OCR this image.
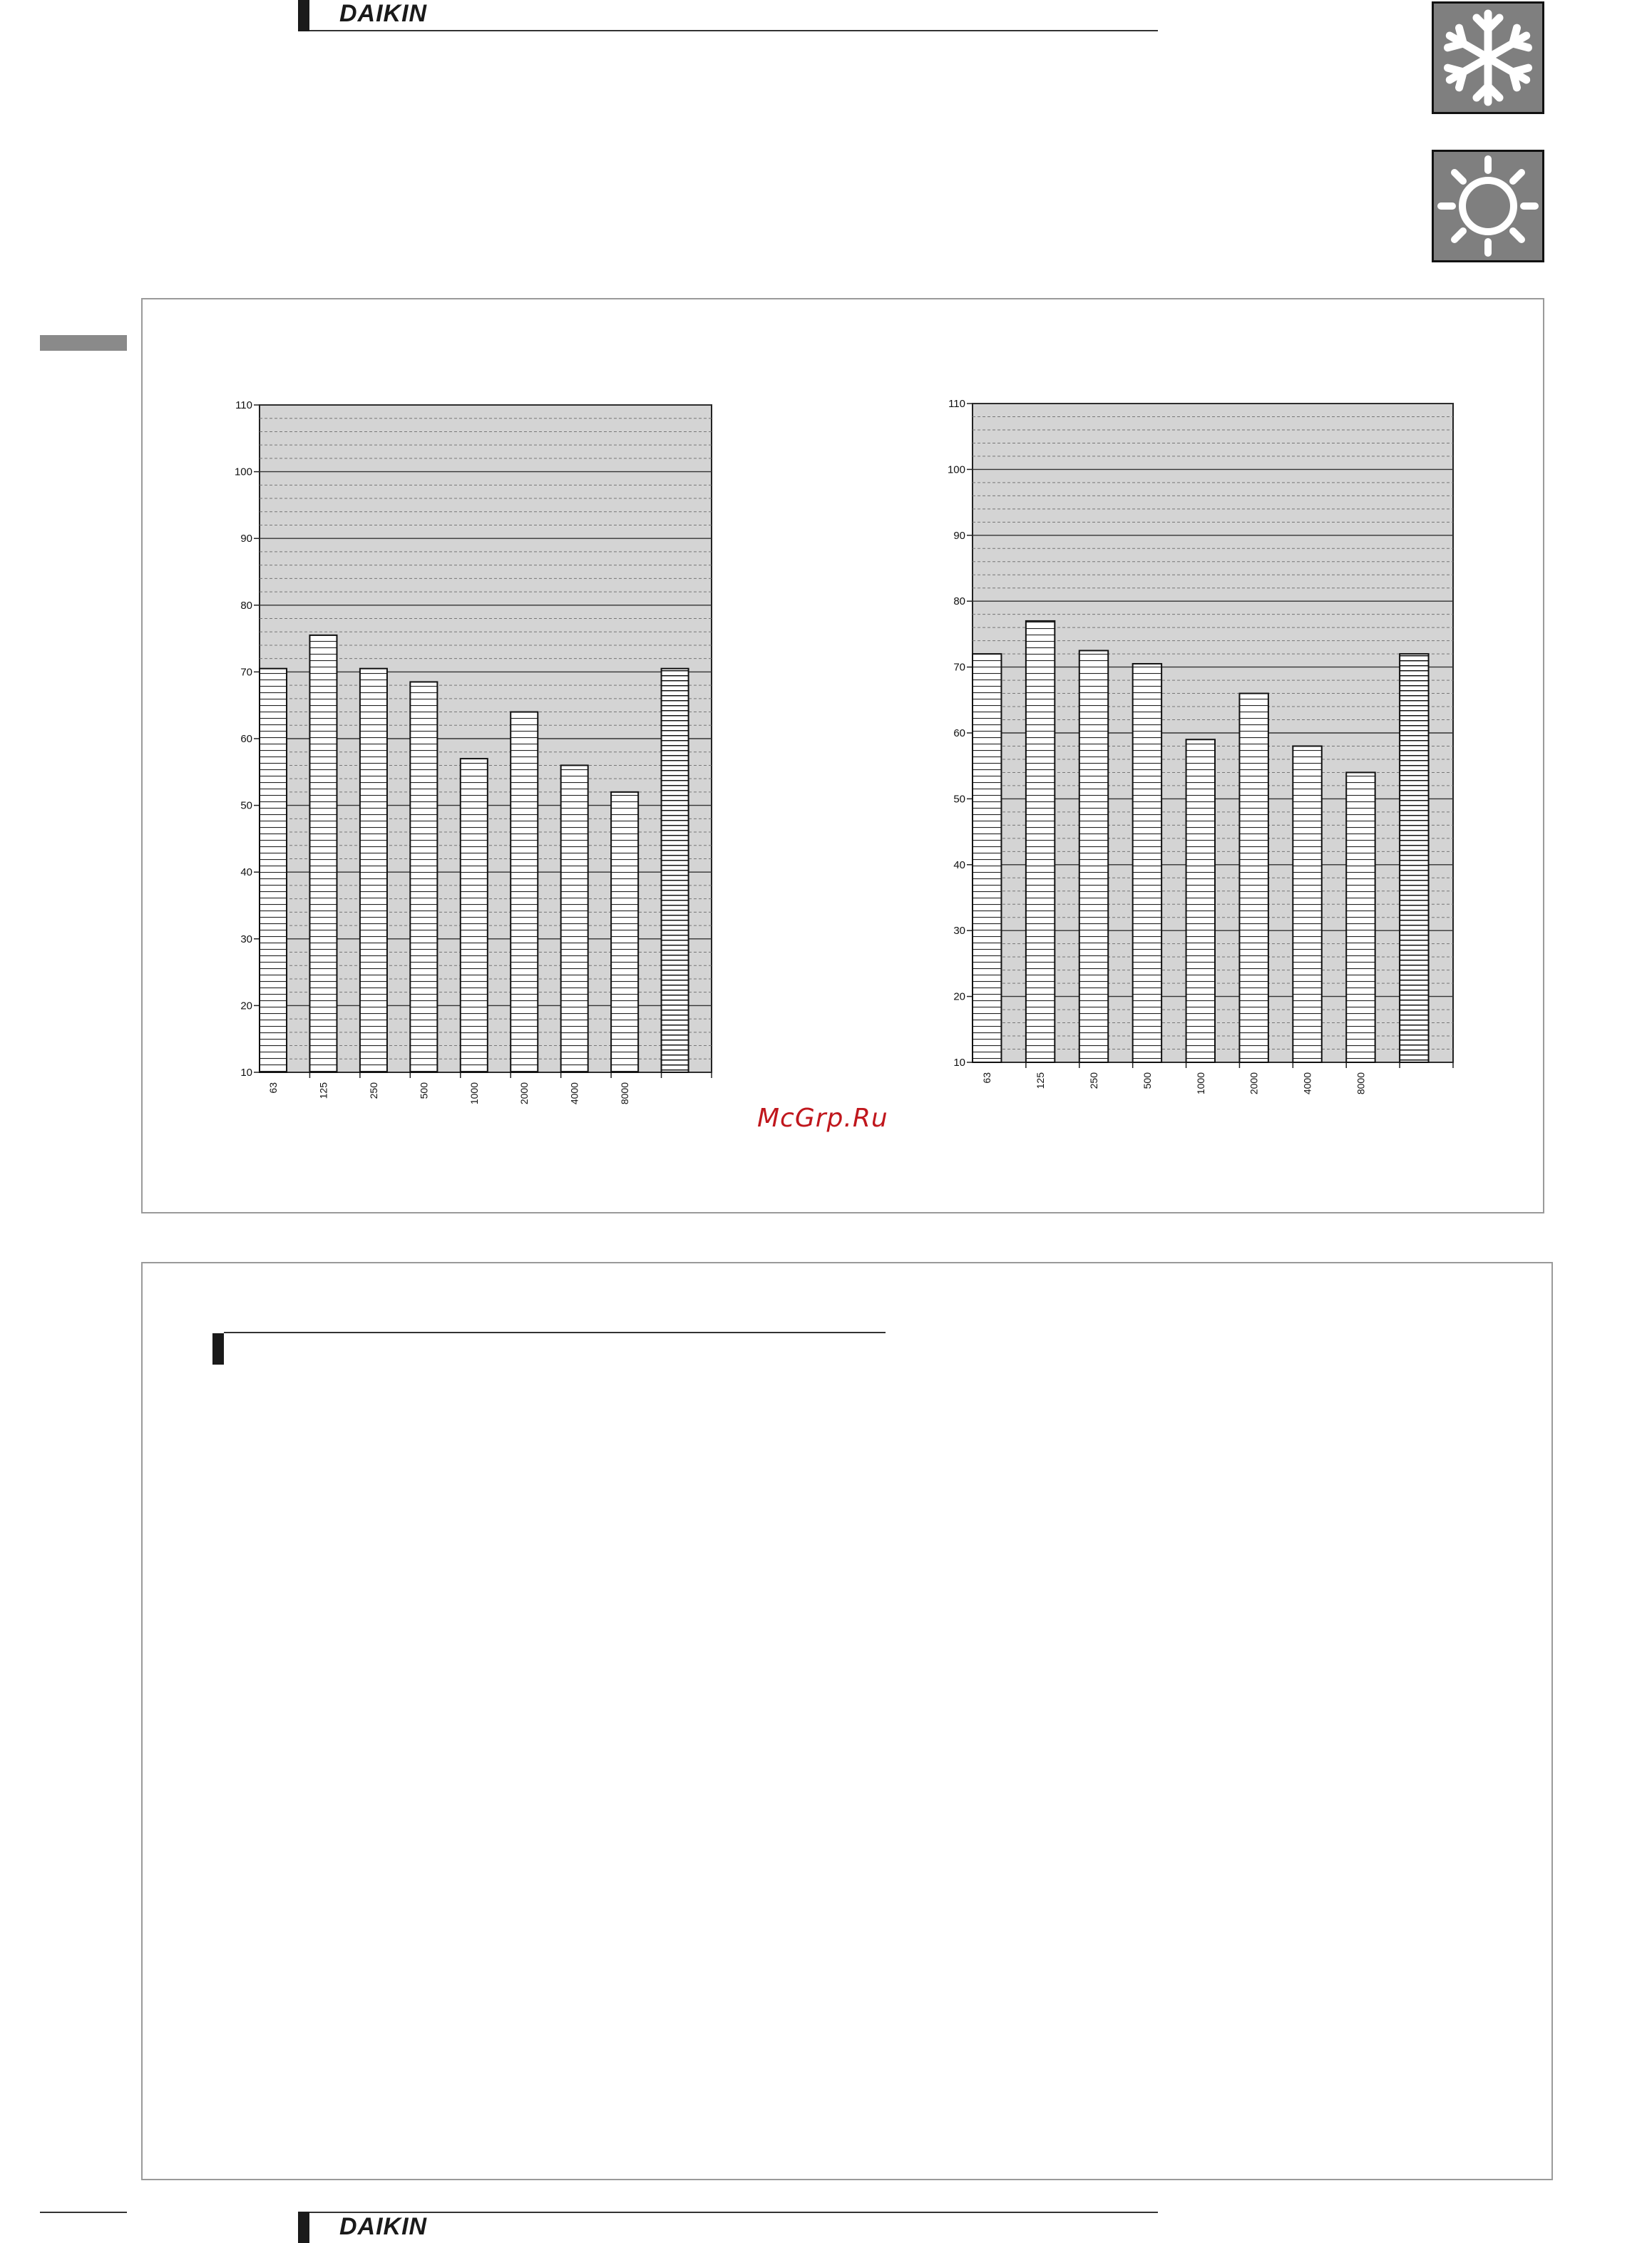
DAIKIN
10
20
30
40
50
60
70
80
90
100
110
63	125	250	500	1000	2000	4000	8000
10
20
30
40
50
60
70
80
90
100
110
63	125	250	500	1000	2000	4000	8000
McGrp.Ru
DAIKIN
